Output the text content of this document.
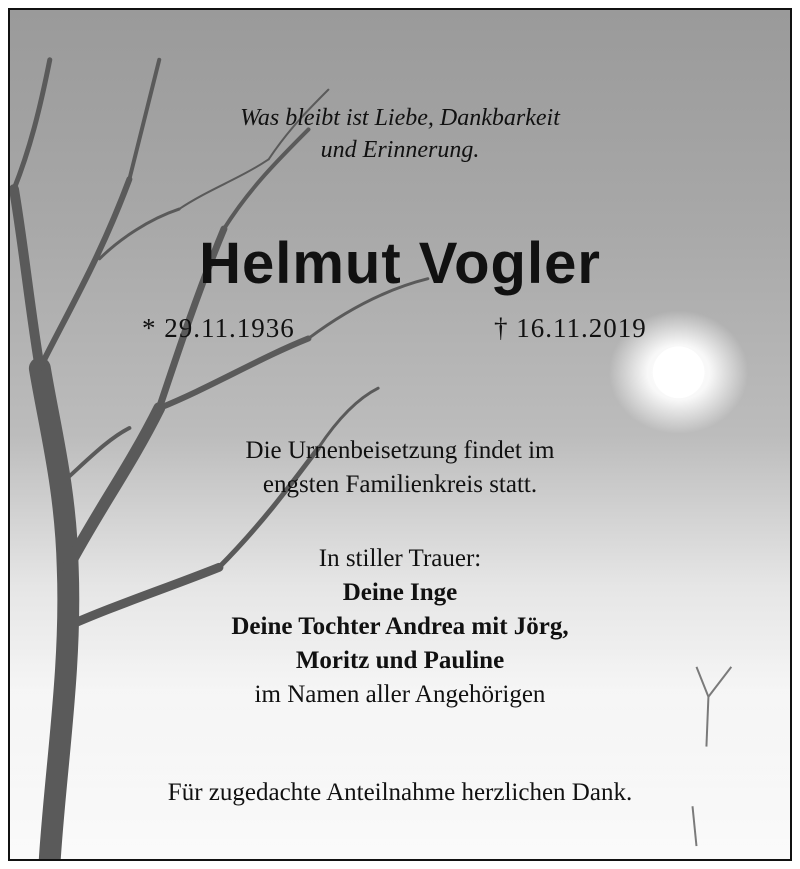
Was bleibt ist Liebe, Dankbarkeit
und Erinnerung.
Helmut Vogler
* 29.11.1936	† 16.11.2019
Die Urnenbeisetzung findet im
engsten Familienkreis statt.
In stiller Trauer:
Deine Inge
Deine Tochter Andrea mit Jörg,
Moritz und Pauline
im Namen aller Angehörigen
Für zugedachte Anteilnahme herzlichen Dank.
